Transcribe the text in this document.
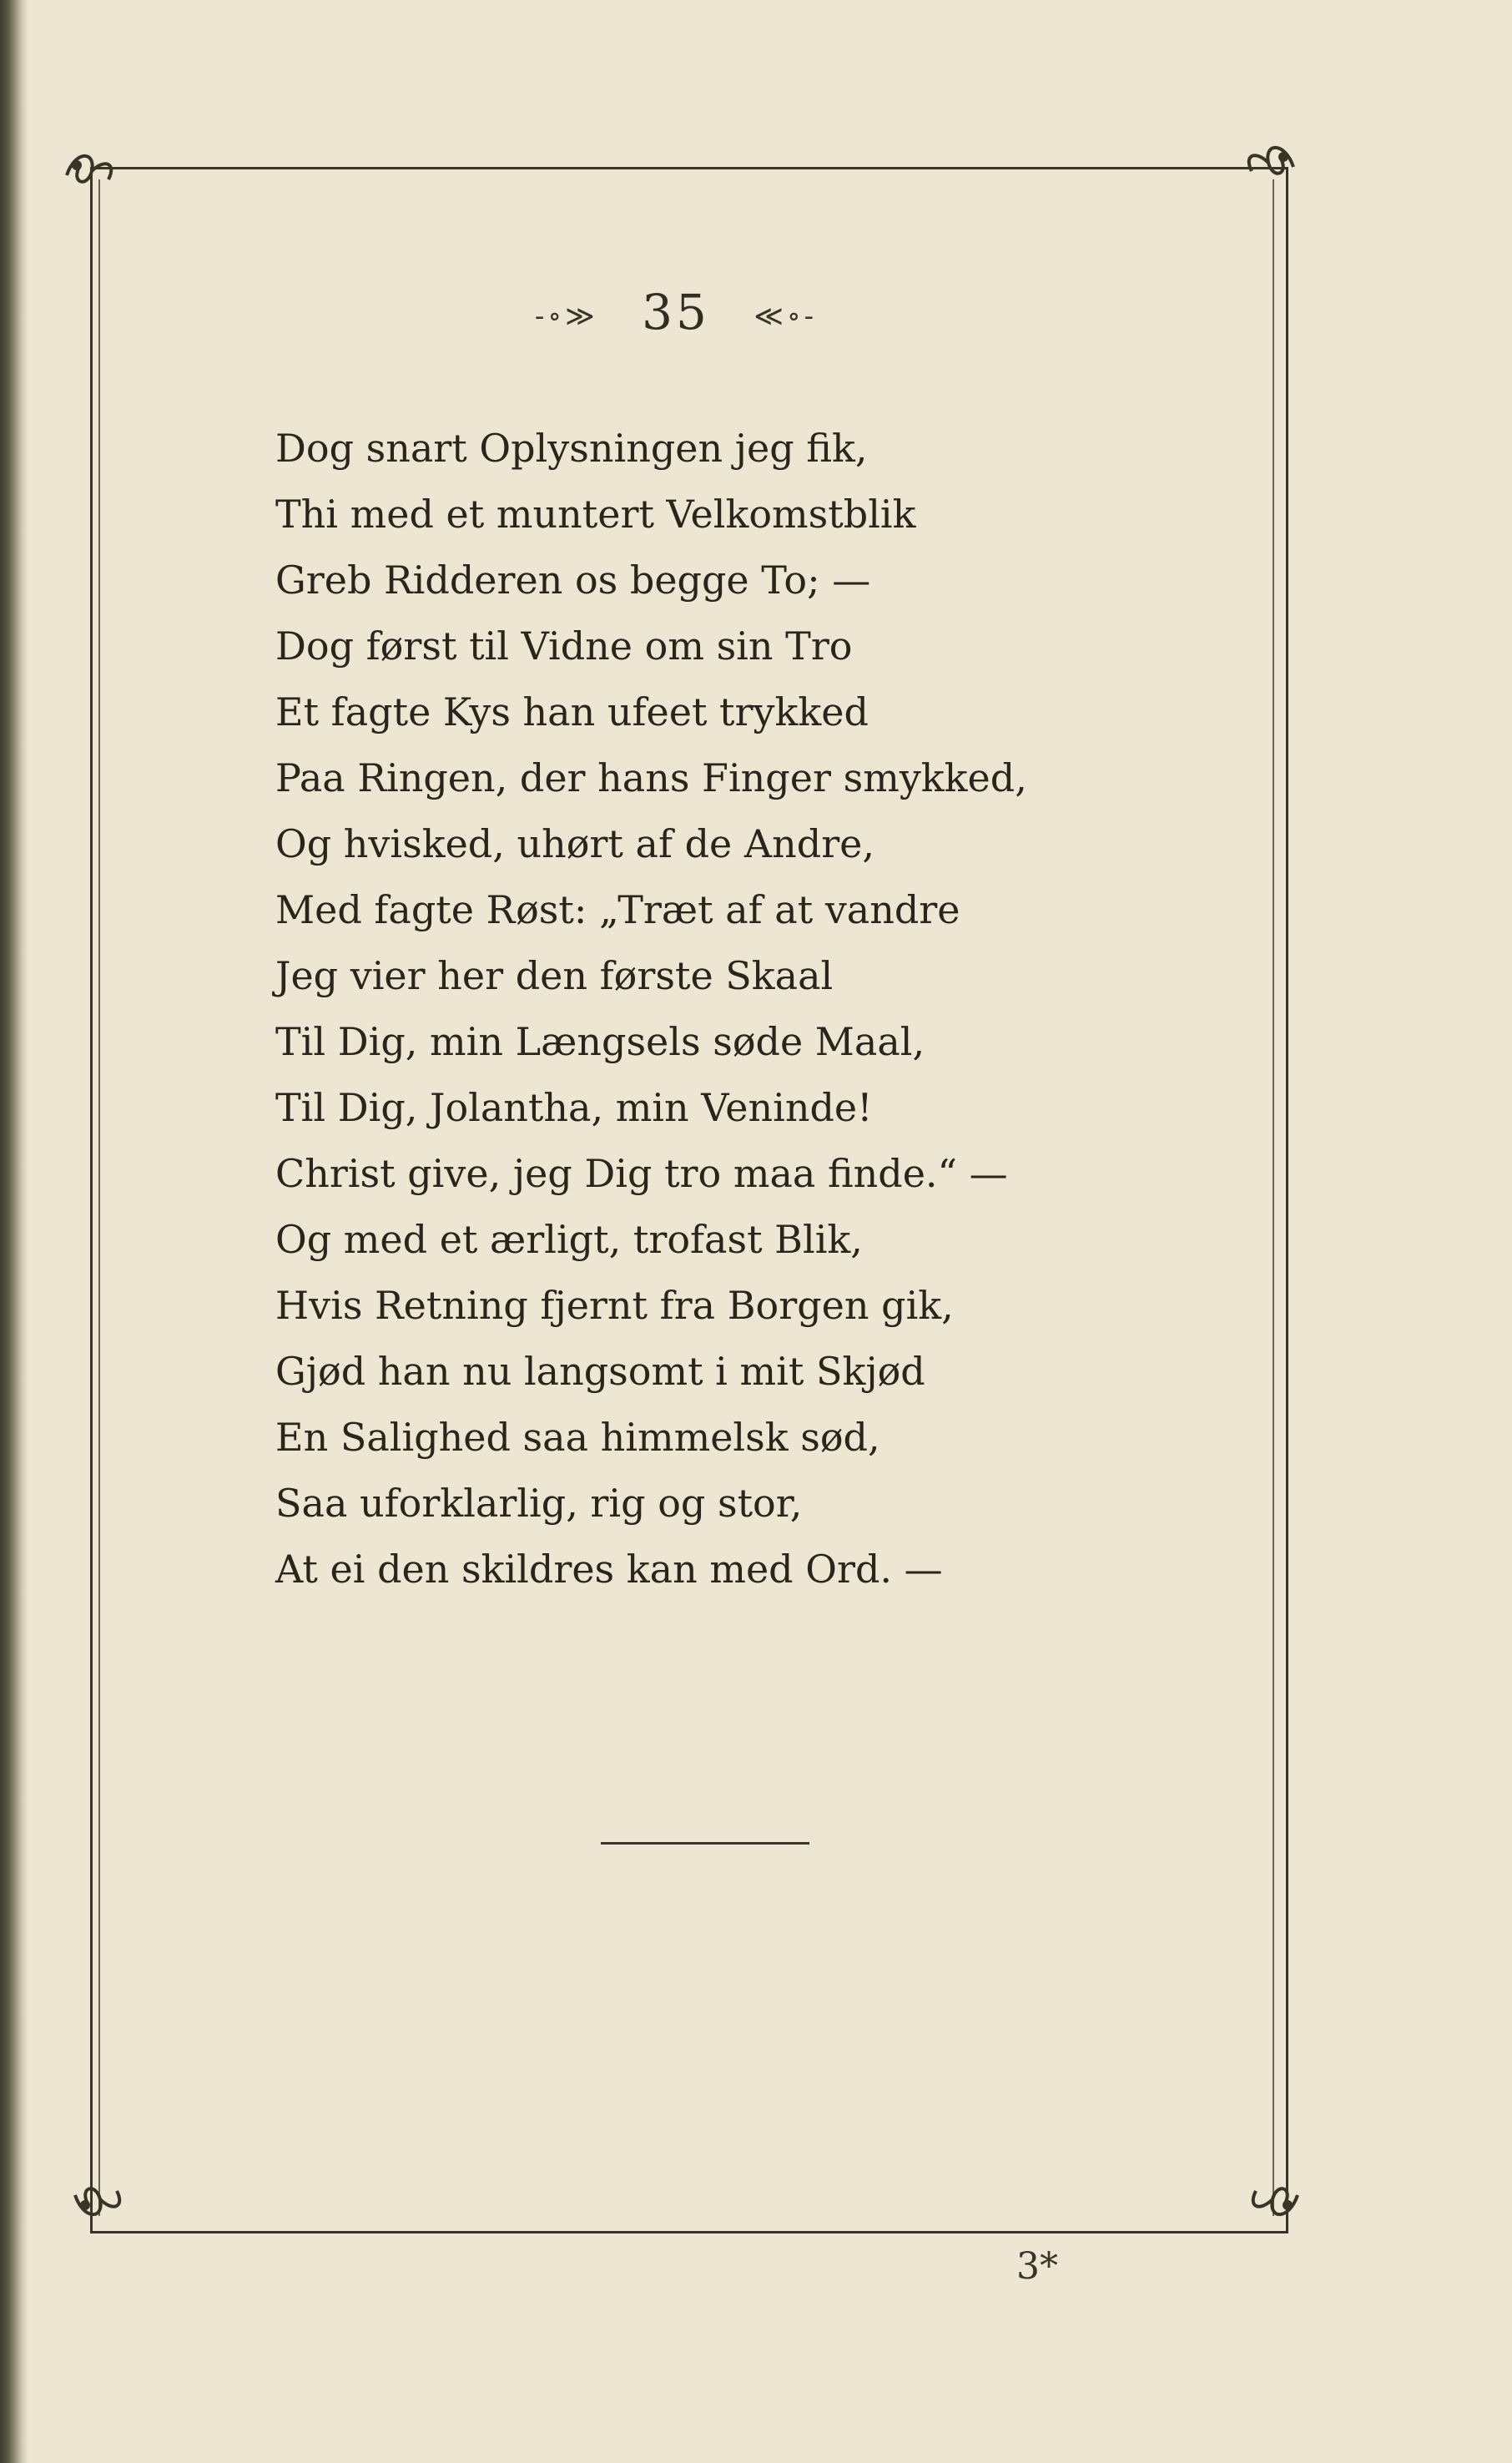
-∘≫ 35 ≪∘-
Dog snart Oplysningen jeg fik,
Thi med et muntert Velkomstblik
Greb Ridderen os begge To; —
Dog først til Vidne om sin Tro
Et fagte Kys han ufeet trykked
Paa Ringen, der hans Finger smykked,
Og hvisked, uhørt af de Andre,
Med fagte Røst: „Træt af at vandre
Jeg vier her den første Skaal
Til Dig, min Længsels søde Maal,
Til Dig, Jolantha, min Veninde!
Christ give, jeg Dig tro maa finde.“ —
Og med et ærligt, trofast Blik,
Hvis Retning fjernt fra Borgen gik,
Gjød han nu langsomt i mit Skjød
En Salighed saa himmelsk sød,
Saa uforklarlig, rig og stor,
At ei den skildres kan med Ord. —
3*
